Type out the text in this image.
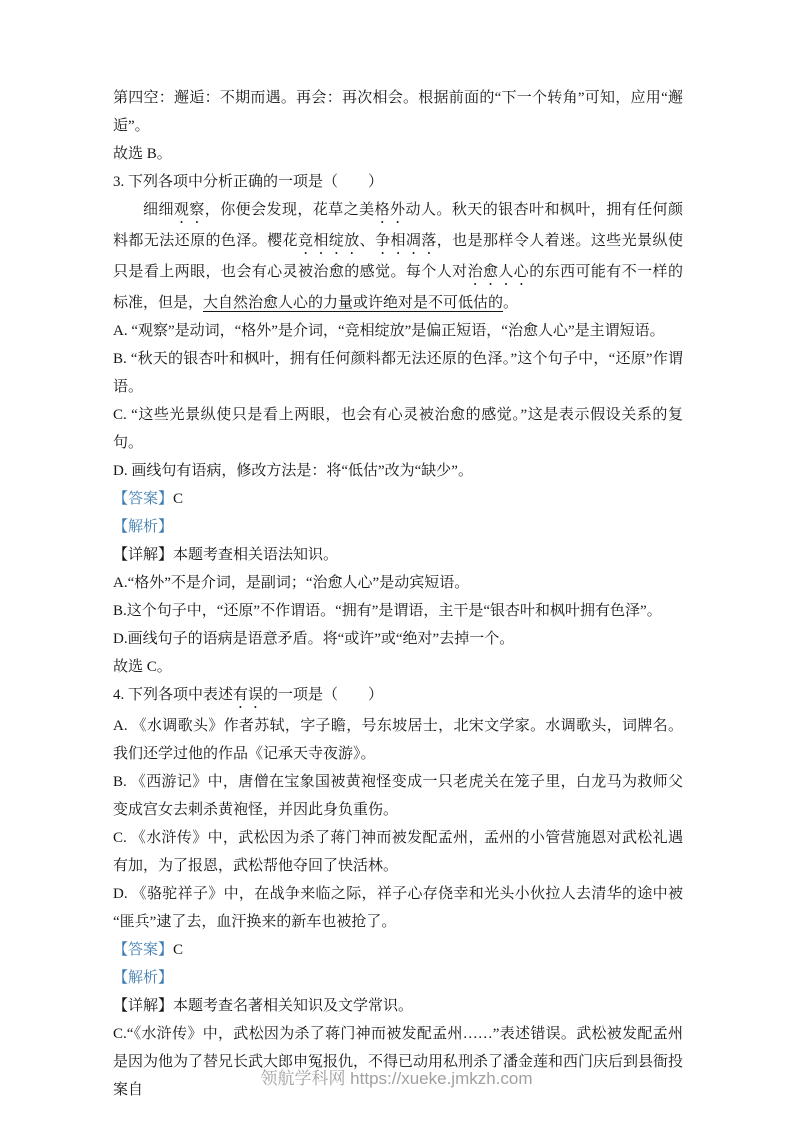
第四空：邂逅：不期而遇。再会：再次相会。根据前面的“下一个转角”可知，应用“邂逅”。

故选 B。

3. 下列各项中分析正确的一项是（　　）

细细观察，你便会发现，花草之美格外动人。秋天的银杏叶和枫叶，拥有任何颜料都无法还原的色泽。樱花竞相绽放、争相凋落，也是那样令人着迷。这些光景纵使只是看上两眼，也会有心灵被治愈的感觉。每个人对治愈人心的东西可能有不一样的标准，但是，大自然治愈人心的力量或许绝对是不可低估的。

A. “观察”是动词，“格外”是介词，“竞相绽放”是偏正短语，“治愈人心”是主谓短语。

B. “秋天的银杏叶和枫叶，拥有任何颜料都无法还原的色泽。”这个句子中，“还原”作谓语。

C. “这些光景纵使只是看上两眼，也会有心灵被治愈的感觉。”这是表示假设关系的复句。

D. 画线句有语病，修改方法是：将“低估”改为“缺少”。

【答案】C

【解析】

【详解】本题考查相关语法知识。

A.“格外”不是介词，是副词；“治愈人心”是动宾短语。

B.这个句子中，“还原”不作谓语。“拥有”是谓语，主干是“银杏叶和枫叶拥有色泽”。

D.画线句子的语病是语意矛盾。将“或许”或“绝对”去掉一个。

故选 C。

4. 下列各项中表述有误的一项是（　　）

A. 《水调歌头》作者苏轼，字子瞻，号东坡居士，北宋文学家。水调歌头，词牌名。我们还学过他的作品《记承天寺夜游》。

B. 《西游记》中，唐僧在宝象国被黄袍怪变成一只老虎关在笼子里，白龙马为救师父变成宫女去刺杀黄袍怪，并因此身负重伤。

C. 《水浒传》中，武松因为杀了蒋门神而被发配孟州，孟州的小管营施恩对武松礼遇有加，为了报恩，武松帮他夺回了快活林。

D. 《骆驼祥子》中，在战争来临之际，祥子心存侥幸和光头小伙拉人去清华的途中被“匪兵”逮了去，血汗换来的新车也被抢了。

【答案】C

【解析】

【详解】本题考查名著相关知识及文学常识。

C.“《水浒传》中，武松因为杀了蒋门神而被发配孟州……”表述错误。武松被发配孟州是因为他为了替兄长武大郎申冤报仇，不得已动用私刑杀了潘金莲和西门庆后到县衙投案自

领航学科网 https://xueke.jmkzh.com
